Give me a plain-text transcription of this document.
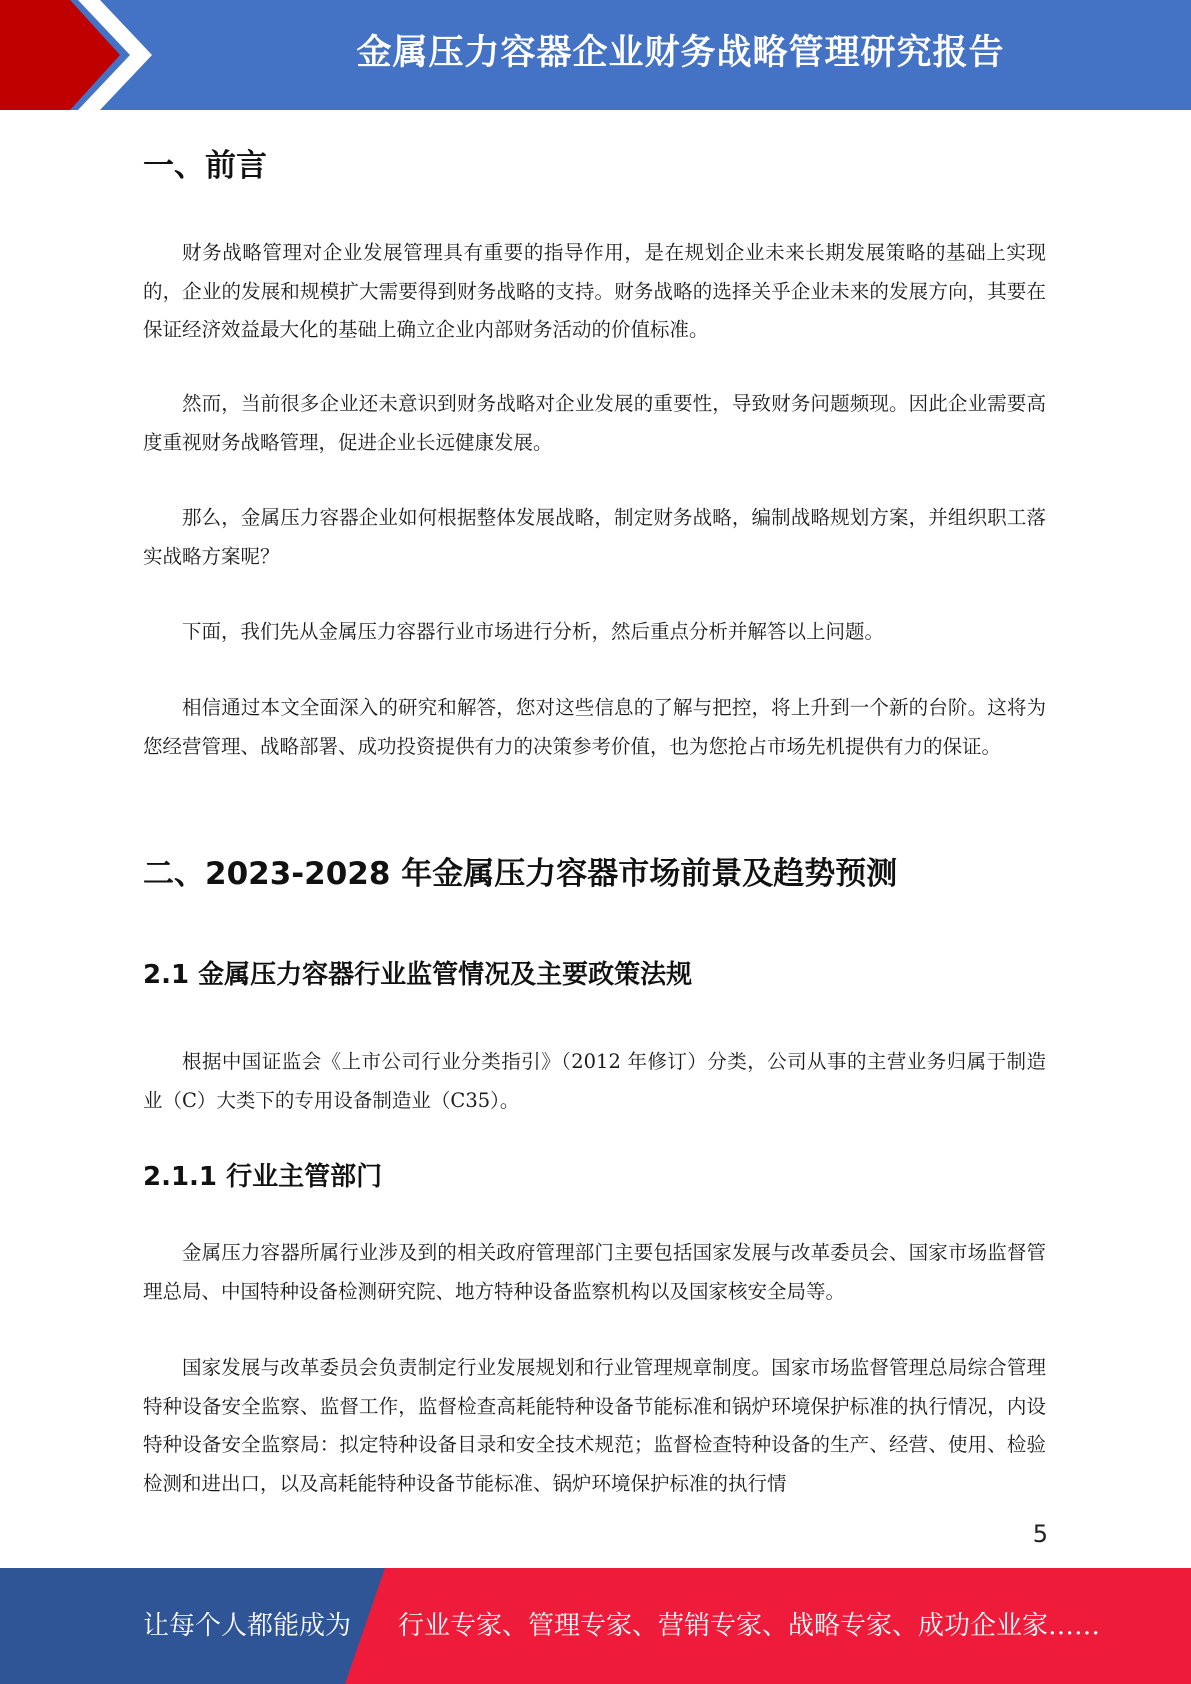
金属压力容器企业财务战略管理研究报告
一、前言

财务战略管理对企业发展管理具有重要的指导作用，是在规划企业未来长期发展策略的基础上实现的，企业的发展和规模扩大需要得到财务战略的支持。财务战略的选择关乎企业未来的发展方向，其要在保证经济效益最大化的基础上确立企业内部财务活动的价值标准。

然而，当前很多企业还未意识到财务战略对企业发展的重要性，导致财务问题频现。因此企业需要高度重视财务战略管理，促进企业长远健康发展。

那么，金属压力容器企业如何根据整体发展战略，制定财务战略，编制战略规划方案，并组织职工落实战略方案呢？

下面，我们先从金属压力容器行业市场进行分析，然后重点分析并解答以上问题。

相信通过本文全面深入的研究和解答，您对这些信息的了解与把控，将上升到一个新的台阶。这将为您经营管理、战略部署、成功投资提供有力的决策参考价值，也为您抢占市场先机提供有力的保证。

二、2023-2028 年金属压力容器市场前景及趋势预测
2.1 金属压力容器行业监管情况及主要政策法规

根据中国证监会《上市公司行业分类指引》（2012 年修订）分类，公司从事的主营业务归属于制造业（C）大类下的专用设备制造业（C35）。

2.1.1 行业主管部门

金属压力容器所属行业涉及到的相关政府管理部门主要包括国家发展与改革委员会、国家市场监督管理总局、中国特种设备检测研究院、地方特种设备监察机构以及国家核安全局等。

国家发展与改革委员会负责制定行业发展规划和行业管理规章制度。国家市场监督管理总局综合管理特种设备安全监察、监督工作，监督检查高耗能特种设备节能标准和锅炉环境保护标准的执行情况，内设特种设备安全监察局：拟定特种设备目录和安全技术规范；监督检查特种设备的生产、经营、使用、检验检测和进出口，以及高耗能特种设备节能标准、锅炉环境保护标准的执行情

5
让每个人都能成为 行业专家、管理专家、营销专家、战略专家、成功企业家……
